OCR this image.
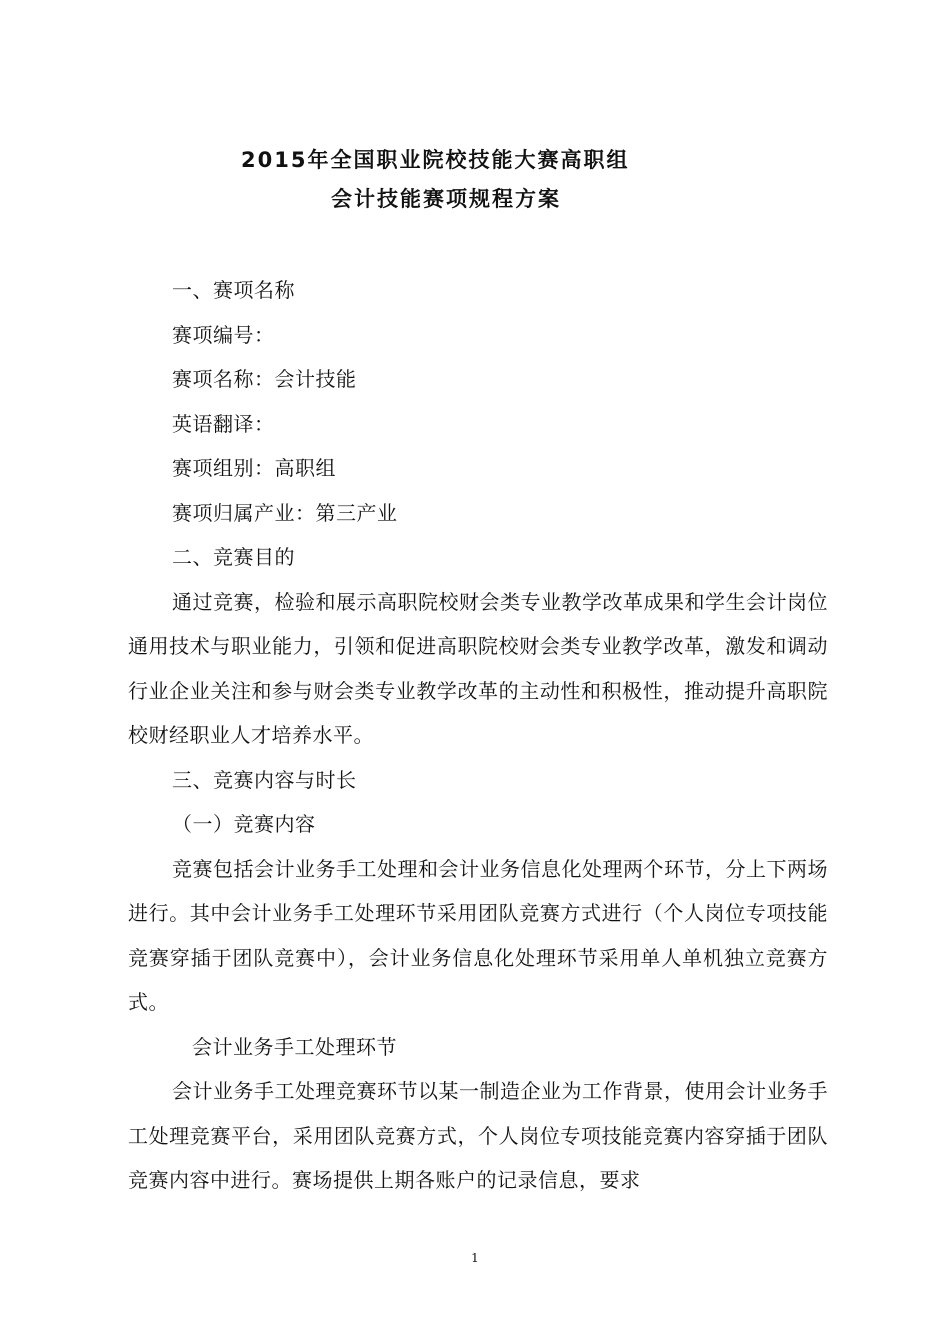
2015年全国职业院校技能大赛高职组
会计技能赛项规程方案

一、赛项名称

赛项编号：

赛项名称：会计技能

英语翻译：

赛项组别：高职组

赛项归属产业：第三产业

二、竞赛目的

通过竞赛，检验和展示高职院校财会类专业教学改革成果和学生会计岗位通用技术与职业能力，引领和促进高职院校财会类专业教学改革，激发和调动行业企业关注和参与财会类专业教学改革的主动性和积极性，推动提升高职院校财经职业人才培养水平。

三、竞赛内容与时长

（一）竞赛内容

竞赛包括会计业务手工处理和会计业务信息化处理两个环节，分上下两场进行。其中会计业务手工处理环节采用团队竞赛方式进行（个人岗位专项技能竞赛穿插于团队竞赛中），会计业务信息化处理环节采用单人单机独立竞赛方式。

会计业务手工处理环节

会计业务手工处理竞赛环节以某一制造企业为工作背景，使用会计业务手工处理竞赛平台，采用团队竞赛方式，个人岗位专项技能竞赛内容穿插于团队竞赛内容中进行。赛场提供上期各账户的记录信息，要求

1
